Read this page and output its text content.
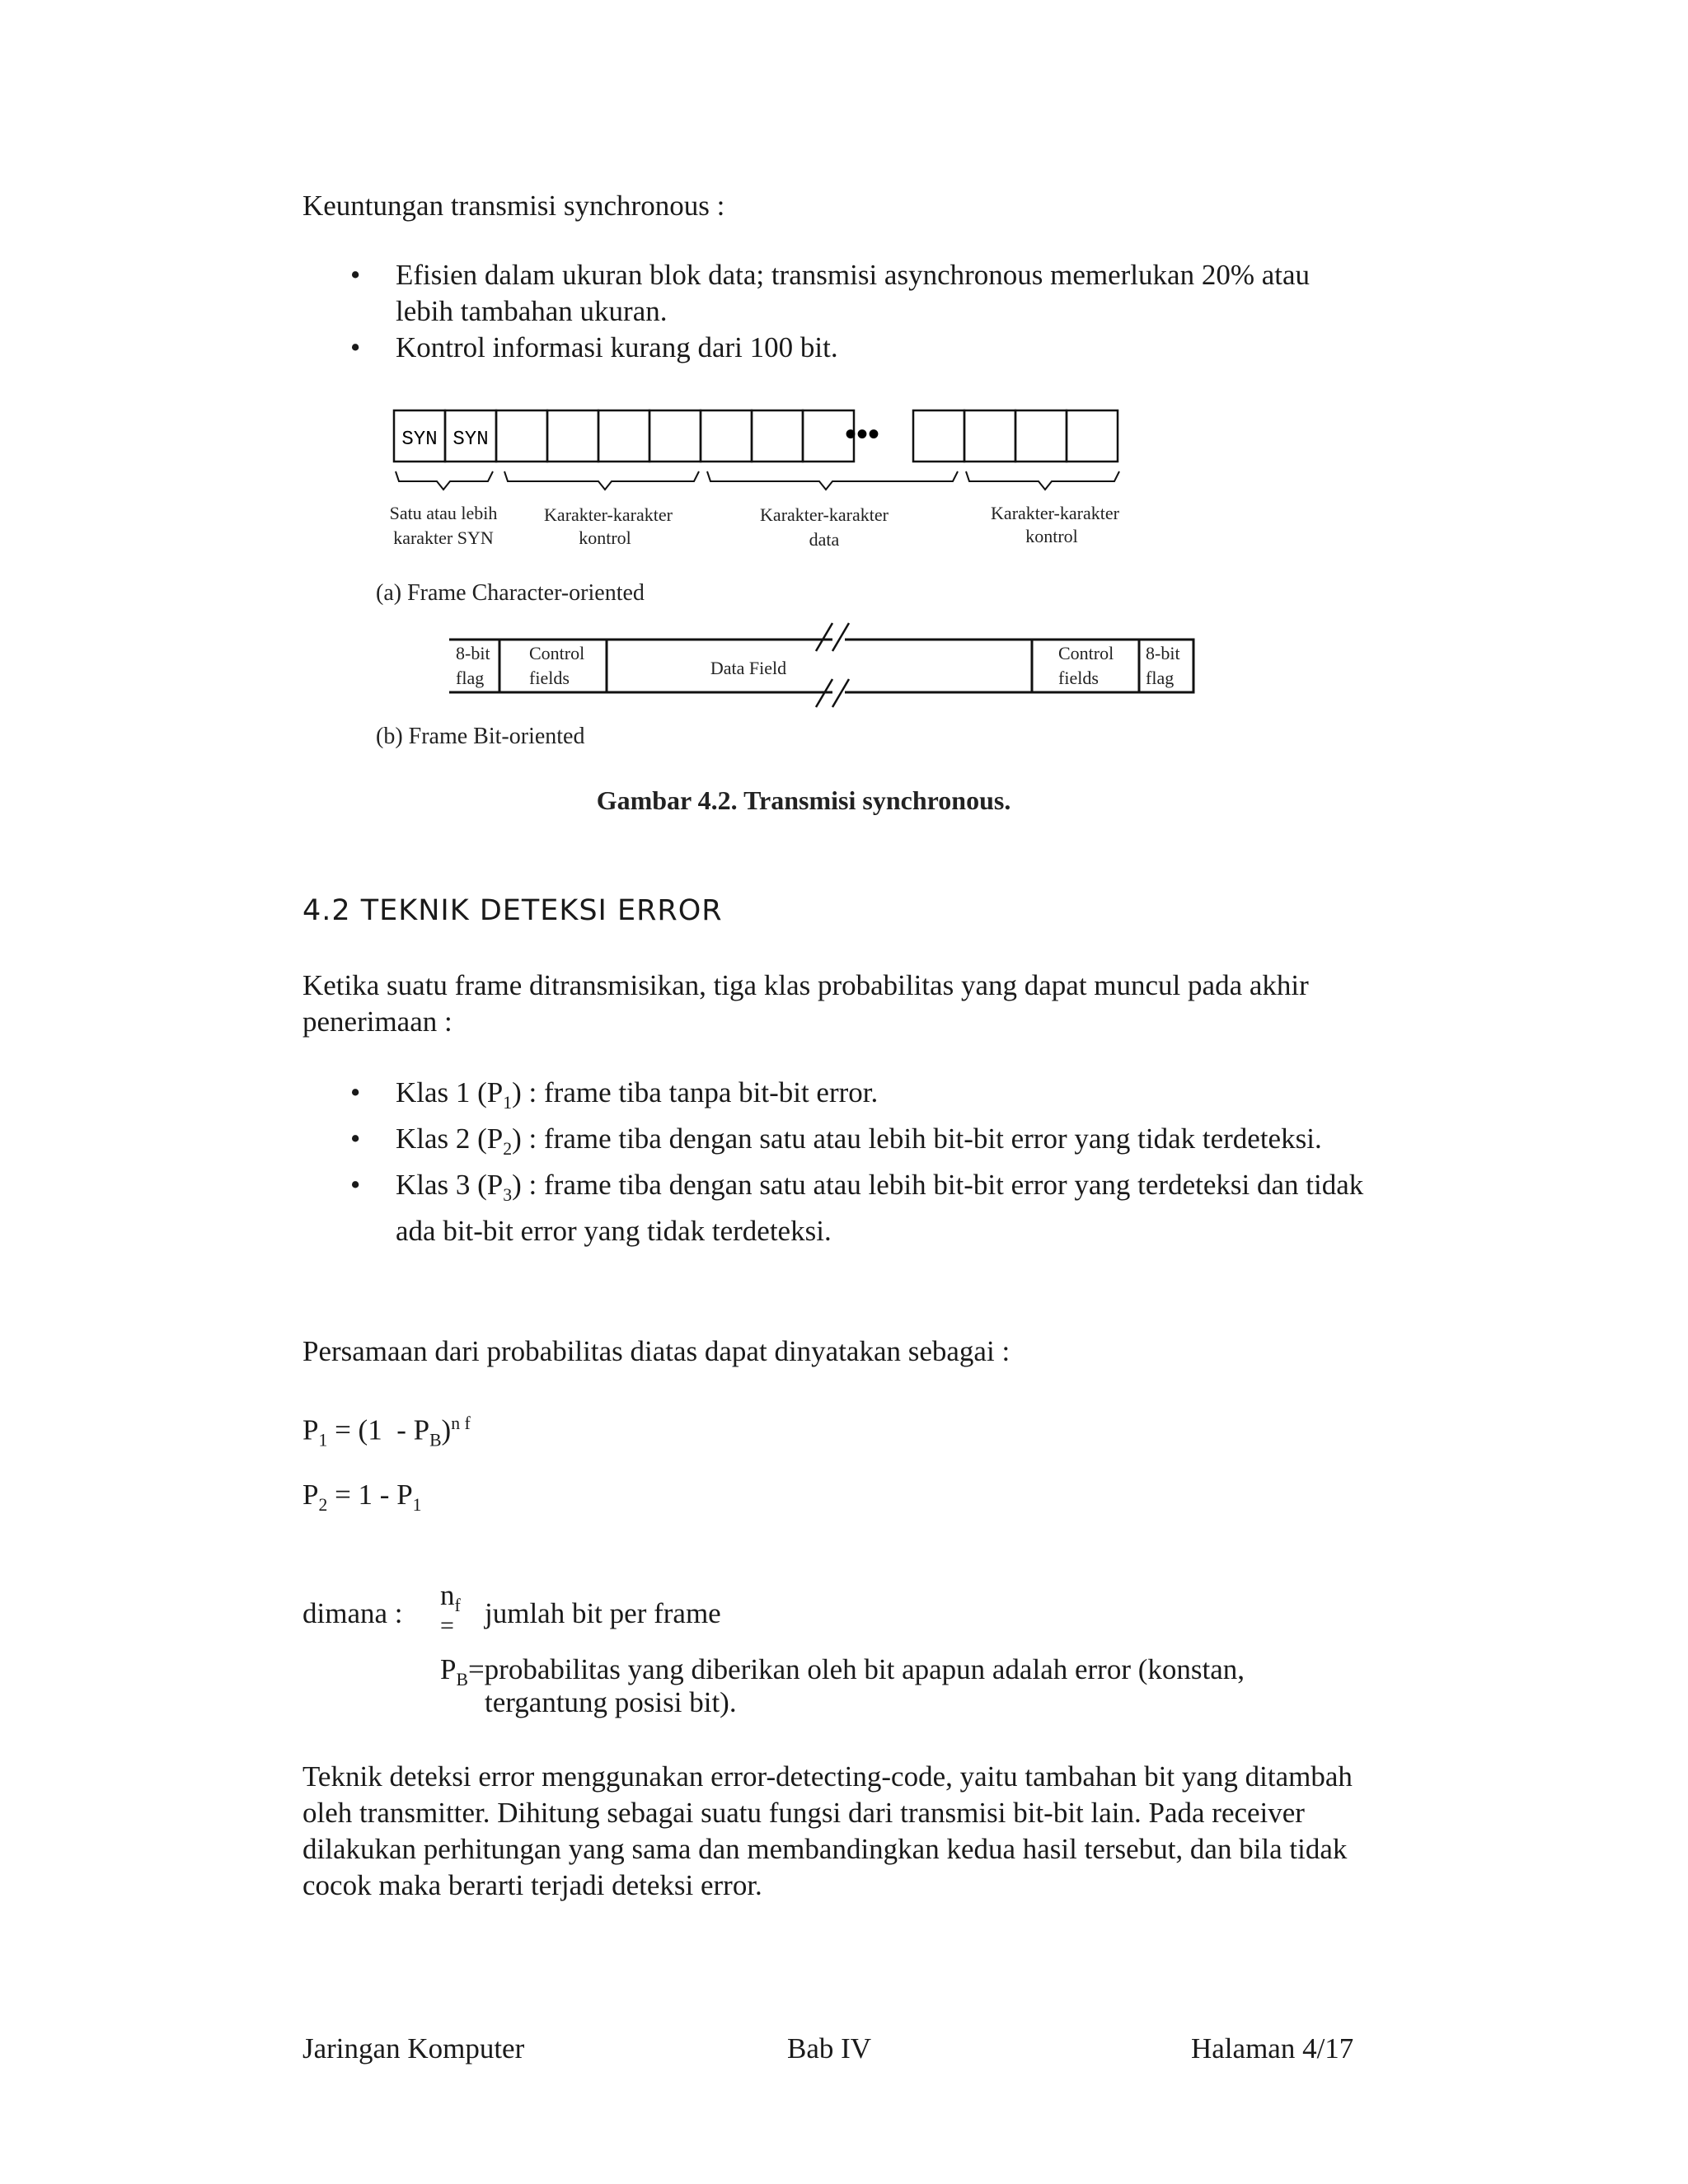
Keuntungan transmisi synchronous :
• Efisien dalam ukuran blok data; transmisi asynchronous memerlukan 20% atau lebih tambahan ukuran.
• Kontrol informasi kurang dari 100 bit.
SYN SYN	•••
Satu atau lebih
karakter SYN
Karakter-karakter
kontrol
Karakter-karakter
data
Karakter-karakter
kontrol
(a) Frame Character-oriented
8-bit
flag
Control
fields	Data Field
Control
fields
8-bit
flag
(b) Frame Bit-oriented
Gambar 4.2. Transmisi synchronous.
4.2 TEKNIK DETEKSI ERROR
Ketika suatu frame ditransmisikan, tiga klas probabilitas yang dapat muncul pada akhir penerimaan :
• Klas 1 $(P_1)$ : frame tiba tanpa bit-bit error.
• Klas 2 $(P_2)$ : frame tiba dengan satu atau lebih bit-bit error yang tidak terdeteksi.
• Klas 3 $(P_3)$ : frame tiba dengan satu atau lebih bit-bit error yang terdeteksi dan tidak ada bit-bit error yang tidak terdeteksi.
Persamaan dari probabilitas diatas dapat dinyatakan sebagai :
$P_1 = (1 - P_B)^{n f}$
$P_2 = 1 - P_1$
dimana :
$n_f$
= jumlah bit per frame
$P_B=probabilitas$ yang diberikan oleh bit apapun adalah error (konstan,
tergantung posisi bit).
Teknik deteksi error menggunakan error-detecting-code, yaitu tambahan bit yang ditambah oleh transmitter. Dihitung sebagai suatu fungsi dari transmisi bit-bit lain. Pada receiver dilakukan perhitungan yang sama dan membandingkan kedua hasil tersebut, dan bila tidak cocok maka berarti terjadi deteksi error.
Jaringan Komputer	Bab IV	Halaman 4/17
